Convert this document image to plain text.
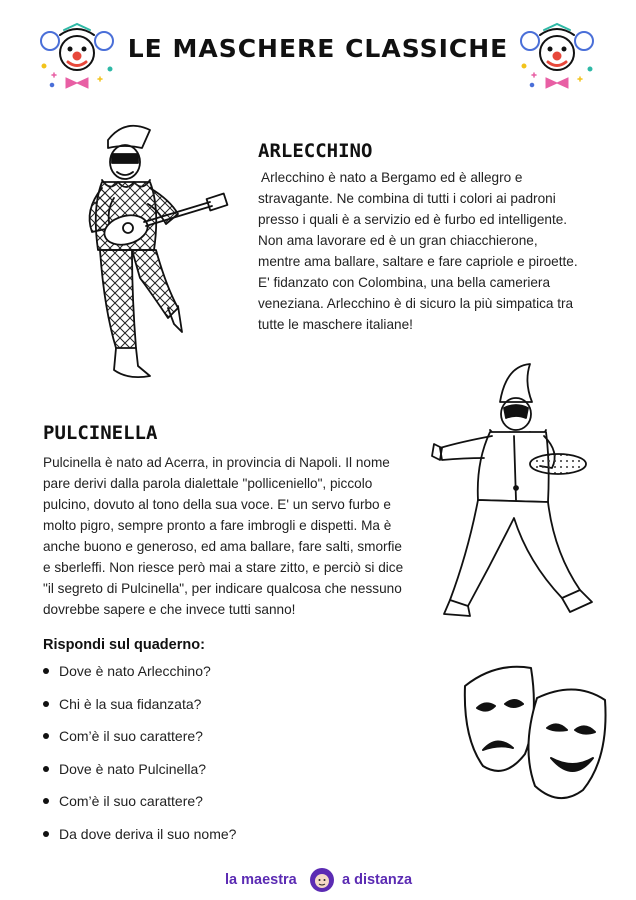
LE MASCHERE CLASSICHE
ARLECCHINO
Arlecchino è nato a Bergamo ed è allegro e
stravagante. Ne combina di tutti i colori ai padroni
presso i quali è a servizio ed è furbo ed intelligente.
Non ama lavorare ed è un gran chiacchierone,
mentre ama ballare, saltare e fare capriole e piroette.
E' fidanzato con Colombina, una bella cameriera
veneziana. Arlecchino è di sicuro la più simpatica tra
tutte le maschere italiane!
PULCINELLA
Pulcinella è nato ad Acerra, in provincia di Napoli. Il nome
pare derivi dalla parola dialettale "polliceniello", piccolo
pulcino, dovuto al tono della sua voce. E' un servo furbo e
molto pigro, sempre pronto a fare imbrogli e dispetti. Ma è
anche buono e generoso, ed ama ballare, fare salti, smorfie
e sberleffi. Non riesce però mai a stare zitto, e perciò si dice
"il segreto di Pulcinella", per indicare qualcosa che nessuno
dovrebbe sapere e che invece tutti sanno!
Rispondi sul quaderno:
Dove è nato Arlecchino?
Chi è la sua fidanzata?
Com’è il suo carattere?
Dove è nato Pulcinella?
Com’è il suo carattere?
Da dove deriva il suo nome?
la maestra	a distanza
